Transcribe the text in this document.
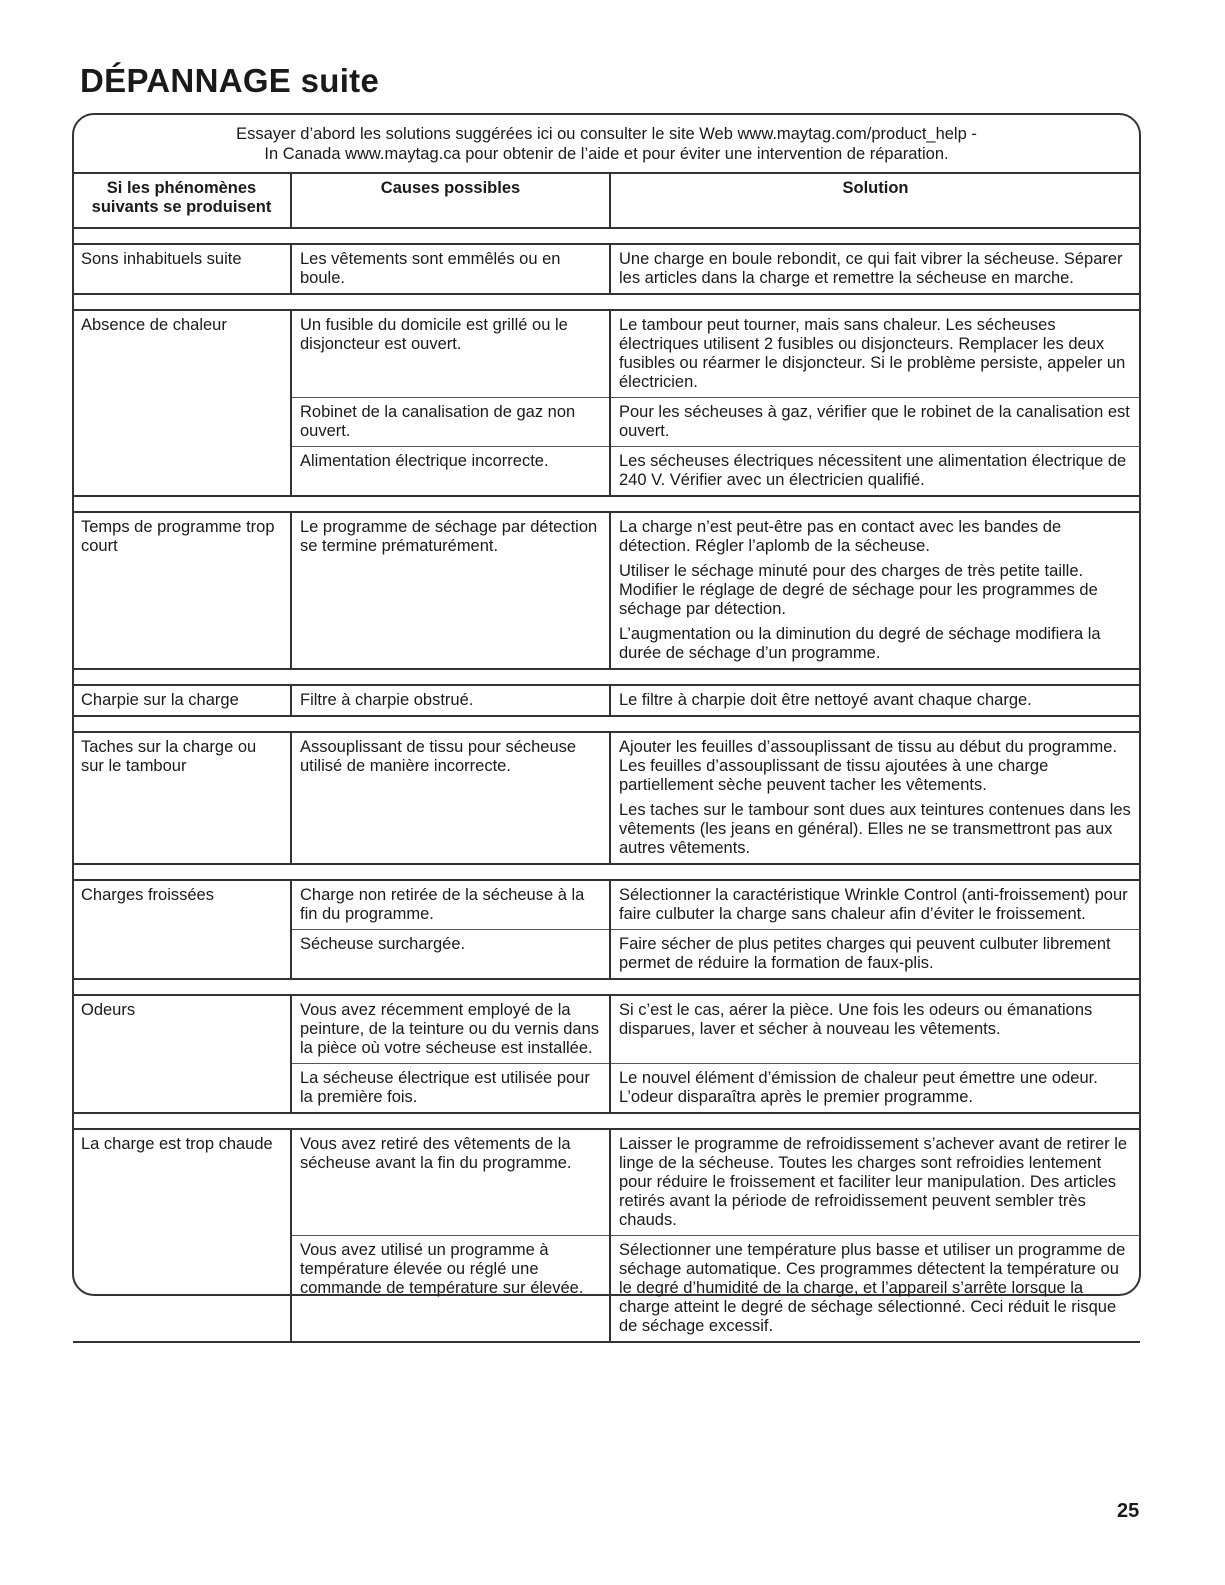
DÉPANNAGE suite
Essayer d’abord les solutions suggérées ici ou consulter le site Web www.maytag.com/product_help -
In Canada www.maytag.ca pour obtenir de l’aide et pour éviter une intervention de réparation.
Si les phénomènes suivants se produisent	Causes possibles	Solution

Sons inhabituels suite	Les vêtements sont emmêlés ou en boule.	Une charge en boule rebondit, ce qui fait vibrer la sécheuse. Séparer les articles dans la charge et remettre la sécheuse en marche.

Absence de chaleur	Un fusible du domicile est grillé ou le disjoncteur est ouvert.	Le tambour peut tourner, mais sans chaleur. Les sécheuses électriques utilisent 2 fusibles ou disjoncteurs. Remplacer les deux fusibles ou réarmer le disjoncteur. Si le problème persiste, appeler un électricien.

	Robinet de la canalisation de gaz non ouvert.	Pour les sécheuses à gaz, vérifier que le robinet de la canalisation est ouvert.

	Alimentation électrique incorrecte.	Les sécheuses électriques nécessitent une alimentation électrique de 240 V. Vérifier avec un électricien qualifié.

Temps de programme trop court	Le programme de séchage par détection se termine prématurément.	La charge n’est peut-être pas en contact avec les bandes de détection. Régler l’aplomb de la sécheuse.
Utiliser le séchage minuté pour des charges de très petite taille. Modifier le réglage de degré de séchage pour les programmes de séchage par détection.
L’augmentation ou la diminution du degré de séchage modifiera la durée de séchage d’un programme.

Charpie sur la charge	Filtre à charpie obstrué.	Le filtre à charpie doit être nettoyé avant chaque charge.

Taches sur la charge ou sur le tambour	Assouplissant de tissu pour sécheuse utilisé de manière incorrecte.	Ajouter les feuilles d’assouplissant de tissu au début du programme. Les feuilles d’assouplissant de tissu ajoutées à une charge partiellement sèche peuvent tacher les vêtements.
Les taches sur le tambour sont dues aux teintures contenues dans les vêtements (les jeans en général). Elles ne se transmettront pas aux autres vêtements.

Charges froissées	Charge non retirée de la sécheuse à la fin du programme.	Sélectionner la caractéristique Wrinkle Control (anti-froissement) pour faire culbuter la charge sans chaleur afin d’éviter le froissement.

	Sécheuse surchargée.	Faire sécher de plus petites charges qui peuvent culbuter librement permet de réduire la formation de faux-plis.

Odeurs	Vous avez récemment employé de la peinture, de la teinture ou du vernis dans la pièce où votre sécheuse est installée.	Si c’est le cas, aérer la pièce. Une fois les odeurs ou émanations disparues, laver et sécher à nouveau les vêtements.

	La sécheuse électrique est utilisée pour la première fois.	Le nouvel élément d’émission de chaleur peut émettre une odeur. L’odeur disparaîtra après le premier programme.

La charge est trop chaude	Vous avez retiré des vêtements de la sécheuse avant la fin du programme.	Laisser le programme de refroidissement s’achever avant de retirer le linge de la sécheuse. Toutes les charges sont refroidies lentement pour réduire le froissement et faciliter leur manipulation. Des articles retirés avant la période de refroidissement peuvent sembler très chauds.

	Vous avez utilisé un programme à température élevée ou réglé une commande de température sur élevée.	Sélectionner une température plus basse et utiliser un programme de séchage automatique. Ces programmes détectent la température ou le degré d’humidité de la charge, et l’appareil s’arrête lorsque la charge atteint le degré de séchage sélectionné. Ceci réduit le risque de séchage excessif.
25
